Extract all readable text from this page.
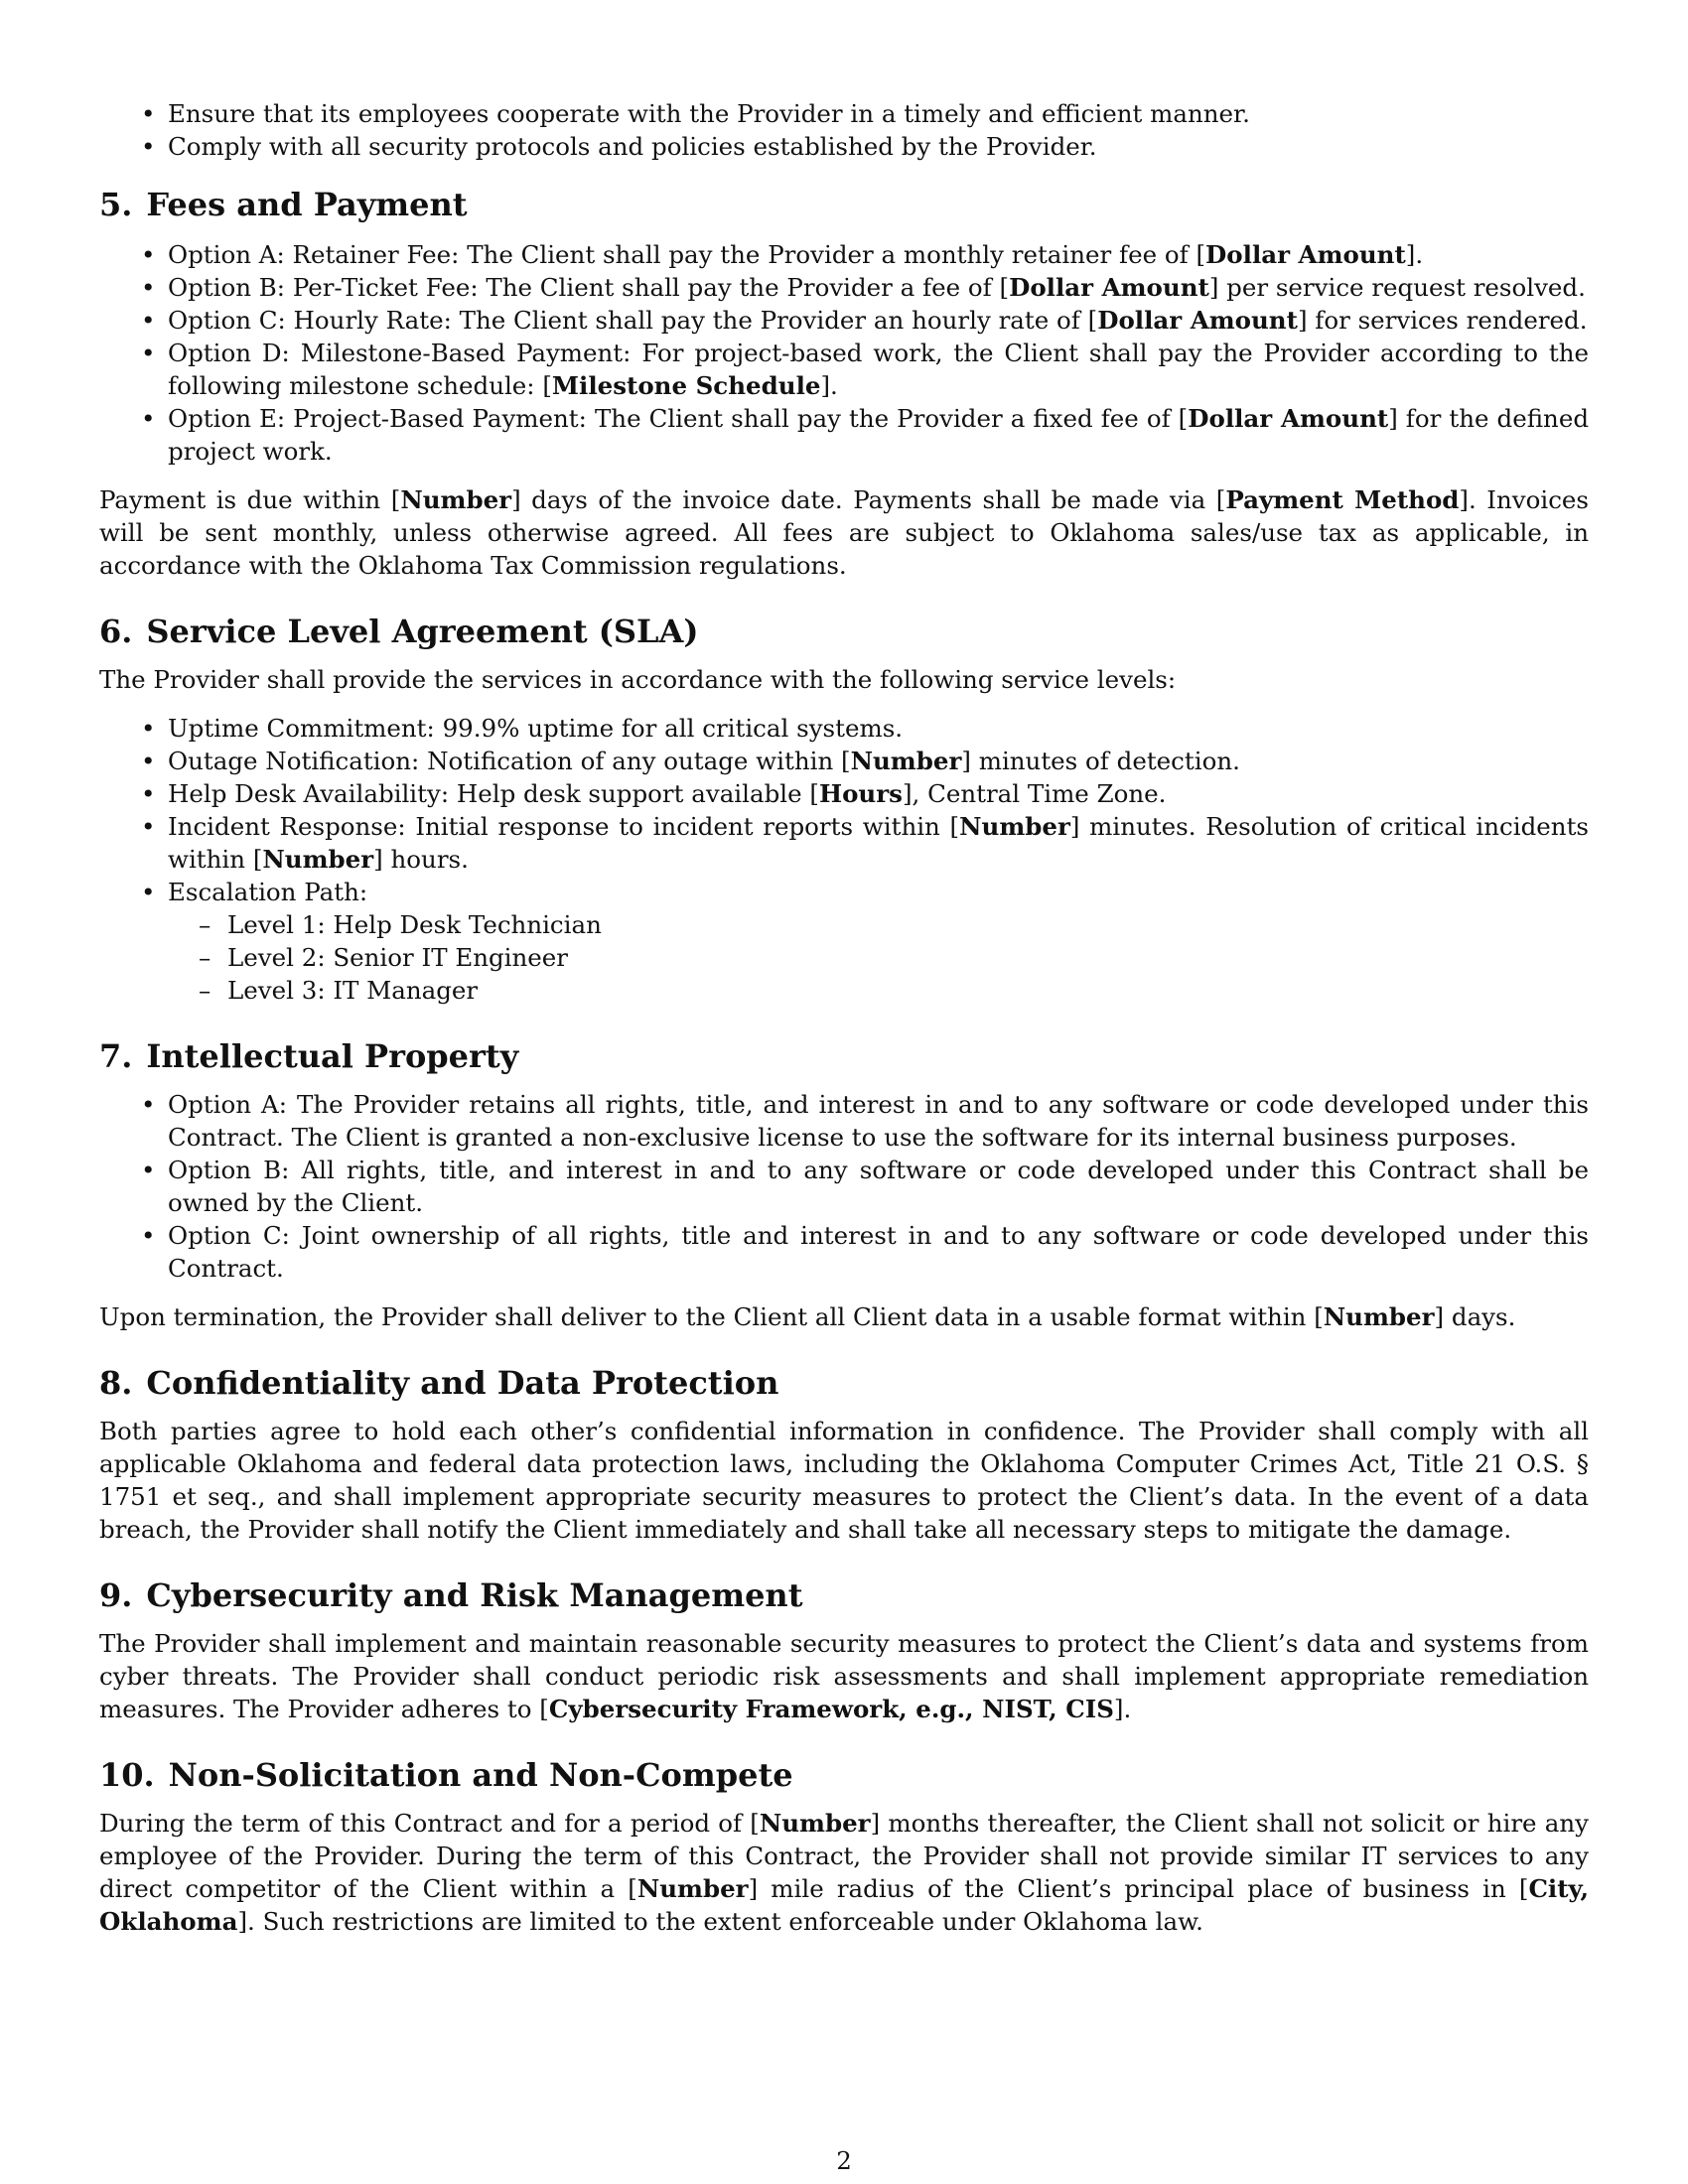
• Ensure that its employees cooperate with the Provider in a timely and efficient manner.
• Comply with all security protocols and policies established by the Provider.
5. Fees and Payment
• Option A: Retainer Fee: The Client shall pay the Provider a monthly retainer fee of [Dollar Amount].
• Option B: Per-Ticket Fee: The Client shall pay the Provider a fee of [Dollar Amount] per service request resolved.
• Option C: Hourly Rate: The Client shall pay the Provider an hourly rate of [Dollar Amount] for services rendered.
• Option D: Milestone-Based Payment: For project-based work, the Client shall pay the Provider according to the following milestone schedule: [Milestone Schedule].
• Option E: Project-Based Payment: The Client shall pay the Provider a fixed fee of [Dollar Amount] for the defined project work.

Payment is due within [Number] days of the invoice date. Payments shall be made via [Payment Method]. Invoices will be sent monthly, unless otherwise agreed. All fees are subject to Oklahoma sales/use tax as applicable, in accordance with the Oklahoma Tax Commission regulations.

6. Service Level Agreement (SLA)

The Provider shall provide the services in accordance with the following service levels:

• Uptime Commitment: 99.9% uptime for all critical systems.
• Outage Notification: Notification of any outage within [Number] minutes of detection.
• Help Desk Availability: Help desk support available [Hours], Central Time Zone.
• Incident Response: Initial response to incident reports within [Number] minutes. Resolution of critical incidents within [Number] hours.
• Escalation Path:
– Level 1: Help Desk Technician
– Level 2: Senior IT Engineer
– Level 3: IT Manager
7. Intellectual Property
• Option A: The Provider retains all rights, title, and interest in and to any software or code developed under this Contract. The Client is granted a non-exclusive license to use the software for its internal business purposes.
• Option B: All rights, title, and interest in and to any software or code developed under this Contract shall be owned by the Client.
• Option C: Joint ownership of all rights, title and interest in and to any software or code developed under this Contract.

Upon termination, the Provider shall deliver to the Client all Client data in a usable format within [Number] days.

8. Confidentiality and Data Protection

Both parties agree to hold each other’s confidential information in confidence. The Provider shall comply with all applicable Oklahoma and federal data protection laws, including the Oklahoma Computer Crimes Act, Title 21 O.S. § 1751 et seq., and shall implement appropriate security measures to protect the Client’s data. In the event of a data breach, the Provider shall notify the Client immediately and shall take all necessary steps to mitigate the damage.

9. Cybersecurity and Risk Management

The Provider shall implement and maintain reasonable security measures to protect the Client’s data and systems from cyber threats. The Provider shall conduct periodic risk assessments and shall implement appropriate remediation measures. The Provider adheres to [Cybersecurity Framework, e.g., NIST, CIS].

10. Non-Solicitation and Non-Compete

During the term of this Contract and for a period of [Number] months thereafter, the Client shall not solicit or hire any employee of the Provider. During the term of this Contract, the Provider shall not provide similar IT services to any direct competitor of the Client within a [Number] mile radius of the Client’s principal place of business in [City, Oklahoma]. Such restrictions are limited to the extent enforceable under Oklahoma law.

2
